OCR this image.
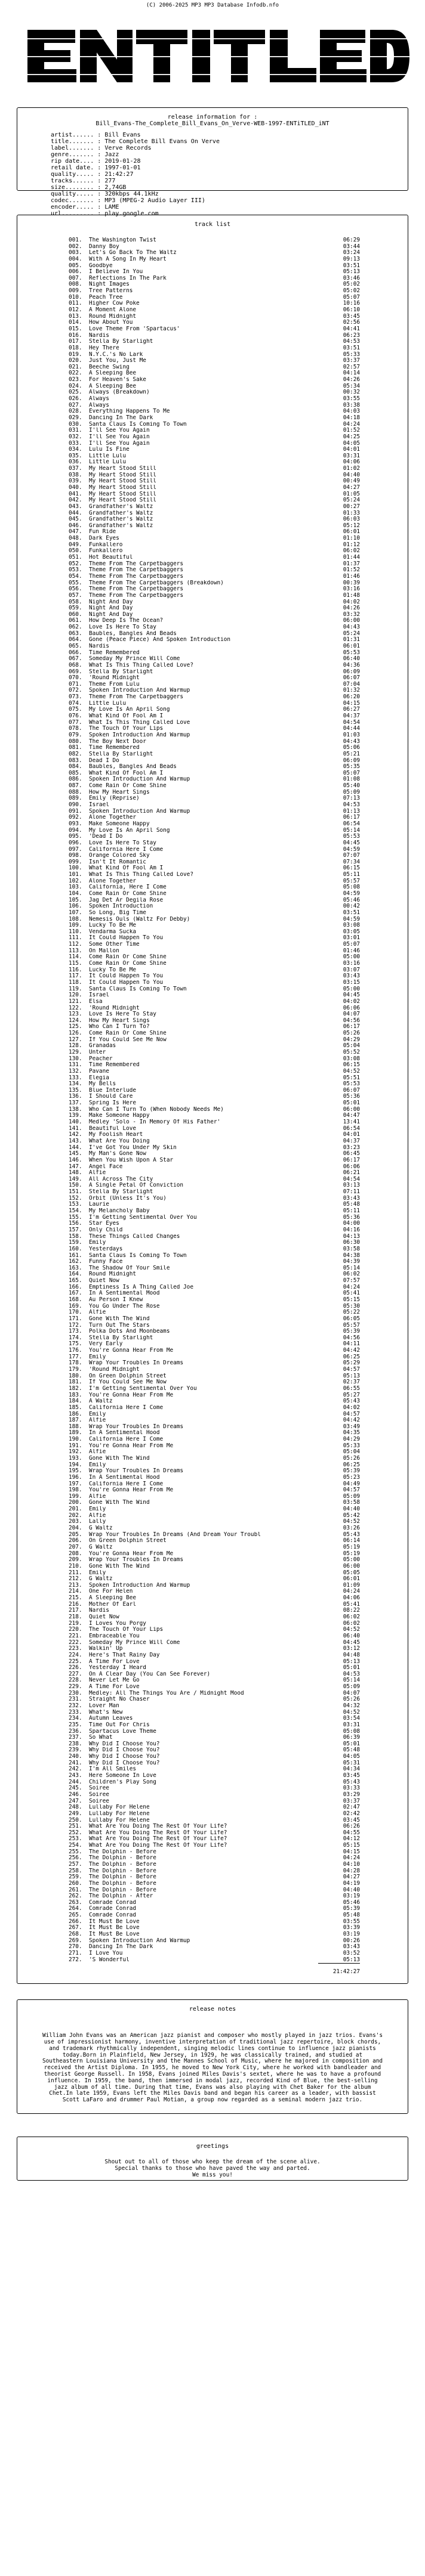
(C) 2006-2025 MP3 MP3 Database Infodb.nfo
NFT
release information for :
Bill_Evans-The_Complete_Bill_Evans_On_Verve-WEB-1997-ENTiTLED_iNT
artist...... : Bill Evans
title....... : The Complete Bill Evans On Verve
label....... : Verve Records
genre....... : Jazz
rip date.... : 2019-01-28
retail date. : 1997-01-01
quality..... : 21:42:27
tracks...... : 277
size........ : 2,74GB
quality..... : 320kbps 44.1kHz
codec....... : MP3 (MPEG-2 Audio Layer III)
encoder..... : LAME
url......... : play.google.com
track list
001.	The Washington Twist	06:29
002.	Danny Boy	03:44
003.	Let's Go Back To The Waltz	03:24
004.	With A Song In My Heart	09:13
005.	Goodbye	03:51
006.	I Believe In You	05:13
007.	Reflections In The Park	03:46
008.	Night Images	05:02
009.	Tree Patterns	05:02
010.	Peach Tree	05:07
011.	Higher Cow Poke	10:16
012.	A Moment Alone	06:10
013.	Round Midnight	03:45
014.	How About You	02:56
015.	Love Theme From 'Spartacus'	04:41
016.	Nardis	06:23
017.	Stella By Starlight	04:53
018.	Hey There	03:51
019.	N.Y.C.'s No Lark	05:33
020.	Just You, Just Me	03:37
021.	Beeche Swing	02:57
022.	A Sleeping Bee	04:14
023.	For Heaven's Sake	04:26
024.	A Sleeping Bee	05:34
025.	Always (Breakdown)	00:32
026.	Always	03:55
027.	Always	03:38
028.	Everything Happens To Me	04:03
029.	Dancing In The Dark	04:18
030.	Santa Claus Is Coming To Town	04:24
031.	I'll See You Again	01:52
032.	I'll See You Again	04:25
033.	I'll See You Again	04:05
034.	Lulu Is Fine	04:01
035.	Little Lulu	03:31
036.	Little Lulu	04:06
037.	My Heart Stood Still	01:02
038.	My Heart Stood Still	04:40
039.	My Heart Stood Still	00:49
040.	My Heart Stood Still	04:27
041.	My Heart Stood Still	01:05
042.	My Heart Stood Still	05:24
043.	Grandfather's Waltz	00:27
044.	Grandfather's Waltz	01:33
045.	Grandfather's Waltz	06:03
046.	Grandfather's Waltz	05:12
047.	Fun Ride	06:01
048.	Dark Eyes	01:10
049.	Funkallero	01:12
050.	Funkallero	06:02
051.	Hot Beautiful	01:44
052.	Theme From The Carpetbaggers	01:37
053.	Theme From The Carpetbaggers	01:52
054.	Theme From The Carpetbaggers	01:46
055.	Theme From The Carpetbaggers (Breakdown)	00:39
056.	Theme From The Carpetbaggers	03:16
057.	Theme From The Carpetbaggers	01:48
058.	Night And Day	04:02
059.	Night And Day	04:26
060.	Night And Day	03:32
061.	How Deep Is The Ocean?	06:00
062.	Love Is Here To Stay	04:43
063.	Baubles, Bangles And Beads	05:24
064.	Gone (Peace Piece) And Spoken Introduction	01:31
065.	Nardis	06:01
066.	Time Remembered	05:53
067.	Someday My Prince Will Come	06:40
068.	What Is This Thing Called Love?	04:36
069.	Stella By Starlight	06:09
070.	'Round Midnight	06:07
071.	Theme From Lulu	07:04
072.	Spoken Introduction And Warmup	01:32
073.	Theme From The Carpetbaggers	06:20
074.	Little Lulu	04:15
075.	My Love Is An April Song	06:27
076.	What Kind Of Fool Am I	04:37
077.	What Is This Thing Called Love	04:54
078.	The Touch Of Your Lips	04:44
079.	Spoken Introduction And Warmup	01:03
080.	The Boy Next Door	04:43
081.	Time Remembered	05:06
082.	Stella By Starlight	05:21
083.	Dead I Do	06:09
084.	Baubles, Bangles And Beads	05:35
085.	What Kind Of Fool Am I	05:07
086.	Spoken Introduction And Warmup	01:08
087.	Come Rain Or Come Shine	05:40
088.	How My Heart Sings	05:09
089.	Emily (Reprise)	07:13
090.	Israel	04:53
091.	Spoken Introduction And Warmup	01:13
092.	Alone Together	06:17
093.	Make Someone Happy	06:54
094.	My Love Is An April Song	05:14
095.	'Dead I Do	05:53
096.	Love Is Here To Stay	04:45
097.	California Here I Come	04:59
098.	Orange Colored Sky	07:07
099.	Isn't It Romantic	07:34
100.	What Kind Of Fool Am I	06:15
101.	What Is This Thing Called Love?	05:11
102.	Alone Together	05:57
103.	California, Here I Come	05:08
104.	Come Rain Or Come Shine	04:59
105.	Jag Det Ar Degila Rose	05:46
106.	Spoken Introduction	00:42
107.	So Long, Big Time	03:51
108.	Nemesis Ouls (Waltz For Debby)	04:59
109.	Lucky To Be Me	03:08
110.	Vendarma Sucka	03:05
111.	It Could Happen To You	03:01
112.	Some Other Time	05:07
113.	On Mallon	01:46
114.	Come Rain Or Come Shine	05:00
115.	Come Rain Or Come Shine	03:16
116.	Lucky To Be Me	03:07
117.	It Could Happen To You	03:43
118.	It Could Happen To You	03:15
119.	Santa Claus Is Coming To Town	05:00
120.	Israel	04:45
121.	Elsa	04:02
122.	'Round Midnight	06:06
123.	Love Is Here To Stay	04:07
124.	How My Heart Sings	04:56
125.	Who Can I Turn To?	06:17
126.	Come Rain Or Come Shine	05:26
127.	If You Could See Me Now	04:29
128.	Granadas	05:04
129.	Unter	05:52
130.	Peacher	03:08
131.	Time Remembered	06:15
132.	Pavane	04:52
133.	Elegia	05:51
134.	My Bells	05:53
135.	Blue Interlude	06:07
136.	I Should Care	05:36
137.	Spring Is Here	05:01
138.	Who Can I Turn To (When Nobody Needs Me)	06:00
139.	Make Someone Happy	04:47
140.	Medley 'Solo - In Memory Of His Father'	13:41
141.	Beautiful Love	06:54
142.	My Foolish Heart	04:01
143.	What Are You Doing	04:37
144.	I've Got You Under My Skin	03:23
145.	My Man's Gone Now	06:45
146.	When You Wish Upon A Star	06:17
147.	Angel Face	06:06
148.	Alfie	06:21
149.	All Across The City	04:54
150.	A Single Petal Of Conviction	03:13
151.	Stella By Starlight	07:11
152.	Orbit (Unless It's You)	03:43
153.	Laurie	05:48
154.	My Melancholy Baby	05:11
155.	I'm Getting Sentimental Over You	05:36
156.	Star Eyes	04:00
157.	Only Child	04:16
158.	These Things Called Changes	04:13
159.	Emily	06:30
160.	Yesterdays	03:58
161.	Santa Claus Is Coming To Town	04:38
162.	Funny Face	04:39
163.	The Shadow Of Your Smile	05:14
164.	Round Midnight	06:02
165.	Quiet Now	07:57
166.	Emptiness Is A Thing Called Joe	04:24
167.	In A Sentimental Mood	05:41
168.	Au Person I Knew	05:15
169.	You Go Under The Rose	05:30
170.	Alfie	05:22
171.	Gone With The Wind	06:05
172.	Turn Out The Stars	05:57
173.	Polka Dots And Moonbeams	05:39
174.	Stella By Starlight	04:56
175.	Very Early	04:11
176.	You're Gonna Hear From Me	04:42
177.	Emily	06:25
178.	Wrap Your Troubles In Dreams	05:29
179.	'Round Midnight	04:57
180.	On Green Dolphin Street	05:13
181.	If You Could See Me Now	02:37
182.	I'm Getting Sentimental Over You	06:55
183.	You're Gonna Hear From Me	05:27
184.	A Waltz	05:43
185.	California Here I Come	04:02
186.	Emily	04:57
187.	Alfie	04:42
188.	Wrap Your Troubles In Dreams	03:49
189.	In A Sentimental Hood	04:35
190.	California Here I Come	04:29
191.	You're Gonna Hear From Me	05:33
192.	Alfie	05:04
193.	Gone With The Wind	05:26
194.	Emily	06:25
195.	Wrap Your Troubles In Dreams	05:39
196.	In A Sentimental Hood	05:23
197.	California Here I Come	04:49
198.	You're Gonna Hear From Me	04:57
199.	Alfie	05:09
200.	Gone With The Wind	03:58
201.	Emily	04:40
202.	Alfie	05:42
203.	Lally	04:52
204.	G Waltz	03:26
205.	Wrap Your Troubles In Dreams (And Dream Your Troubl	05:43
206.	On Green Dolphin Street	06:14
207.	G Waltz	05:19
208.	You're Gonna Hear From Me	05:19
209.	Wrap Your Troubles In Dreams	05:00
210.	Gone With The Wind	06:00
211.	Emily	05:05
212.	G Waltz	06:01
213.	Spoken Introduction And Warmup	01:09
214.	One For Helen	04:24
215.	A Sleeping Bee	04:06
216.	Mother Of Earl	05:41
217.	Nardis	08:22
218.	Quiet Now	06:02
219.	I Loves You Porgy	06:02
220.	The Touch Of Your Lips	04:52
221.	Embraceable You	06:40
222.	Someday My Prince Will Come	04:45
223.	Walkin' Up	03:12
224.	Here's That Rainy Day	04:48
225.	A Time For Love	05:13
226.	Yesterday I Heard	05:01
227.	On A Clear Day (You Can See Forever)	04:53
228.	Never Let Me Go	05:14
229.	A Time For Love	05:09
230.	Medley: All The Things You Are / Midnight Mood	04:07
231.	Straight No Chaser	05:26
232.	Lover Man	04:32
233.	What's New	04:52
234.	Autumn Leaves	03:54
235.	Time Out For Chris	03:31
236.	Spartacus Love Theme	05:08
237.	So What	06:39
238.	Why Did I Choose You?	05:01
239.	Why Did I Choose You?	05:48
240.	Why Did I Choose You?	04:05
241.	Why Did I Choose You?	05:31
242.	I'm All Smiles	04:34
243.	Here Someone In Love	03:45
244.	Children's Play Song	05:43
245.	Soiree	03:33
246.	Soiree	03:29
247.	Soiree	03:37
248.	Lullaby For Helene	02:47
249.	Lullaby For Helene	02:42
250.	Lullaby For Helene	03:45
251.	What Are You Doing The Rest Of Your Life?	06:26
252.	What Are You Doing The Rest Of Your Life?	04:55
253.	What Are You Doing The Rest Of Your Life?	04:12
254.	What Are You Doing The Rest Of Your Life?	05:15
255.	The Dolphin - Before	04:15
256.	The Dolphin - Before	04:24
257.	The Dolphin - Before	04:10
258.	The Dolphin - Before	04:28
259.	The Dolphin - Before	04:27
260.	The Dolphin - Before	04:19
261.	The Dolphin - Before	04:40
262.	The Dolphin - After	03:19
263.	Comrade Conrad	05:46
264.	Comrade Conrad	05:39
265.	Comrade Conrad	05:48
266.	It Must Be Love	03:55
267.	It Must Be Love	03:39
268.	It Must Be Love	03:19
269.	Spoken Introduction And Warmup	00:26
270.	Dancing In The Dark	03:43
271.	I Love You	03:52
272.	'S Wonderful	05:13
21:42:27
release notes
William John Evans was an American jazz pianist and composer who mostly played in jazz trios. Evans's use of impressionist harmony, inventive interpretation of traditional jazz repertoire, block chords, and trademark rhythmically independent, singing melodic lines continue to influence jazz pianists today.Born in Plainfield, New Jersey, in 1929, he was classically trained, and studied at Southeastern Louisiana University and the Mannes School of Music, where he majored in composition and received the Artist Diploma. In 1955, he moved to New York City, where he worked with bandleader and theorist George Russell. In 1958, Evans joined Miles Davis's sextet, where he was to have a profound influence. In 1959, the band, then immersed in modal jazz, recorded Kind of Blue, the best-selling jazz album of all time. During that time, Evans was also playing with Chet Baker for the album Chet.In late 1959, Evans left the Miles Davis band and began his career as a leader, with bassist Scott LaFaro and drummer Paul Motian, a group now regarded as a seminal modern jazz trio.
greetings
Shout out to all of those who keep the dream of the scene alive.
Special thanks to those who have paved the way and parted.
We miss you!
